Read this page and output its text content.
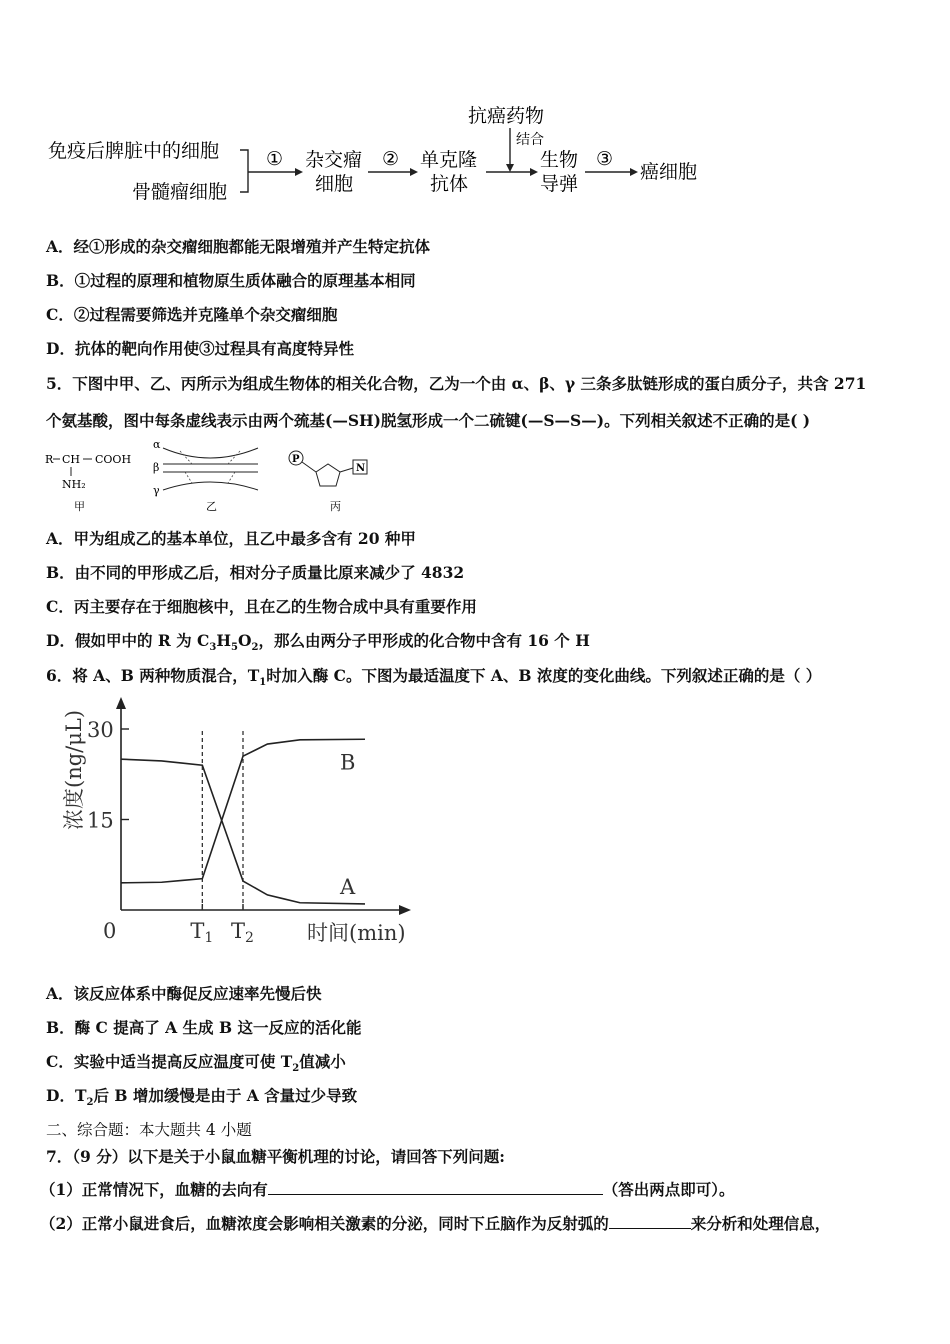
免疫后脾脏中的细胞
骨髓瘤细胞
① 杂交瘤
细胞
② 单克隆
抗体
抗癌药物
结合
生物
导弹
③
癌细胞
A．经①形成的杂交瘤细胞都能无限增殖并产生特定抗体
B．①过程的原理和植物原生质体融合的原理基本相同
C．②过程需要筛选并克隆单个杂交瘤细胞
D．抗体的靶向作用使③过程具有高度特异性
5．下图中甲、乙、丙所示为组成生物体的相关化合物，乙为一个由 α、β、γ 三条多肽链形成的蛋白质分子，共含 271
个氨基酸，图中每条虚线表示由两个巯基(—SH)脱氢形成一个二硫键(—S—S—)。下列相关叙述不正确的是( )
R CH COOH
NH₂
甲
α
β
γ
乙
P
N
丙
A．甲为组成乙的基本单位，且乙中最多含有 20 种甲
B．由不同的甲形成乙后，相对分子质量比原来减少了 4832
C．丙主要存在于细胞核中，且在乙的生物合成中具有重要作用
D．假如甲中的 R 为 $C_3H_5O_2$，那么由两分子甲形成的化合物中含有 16 个 H
6．将 A、B 两种物质混合，$T_1$时加入酶 C。下图为最适温度下 A、B 浓度的变化曲线。下列叙述正确的是（ ）
浓度(ng/μL)
时间(min)
15
30
0	T1 T2
B
A
A．该反应体系中酶促反应速率先慢后快
B．酶 C 提高了 A 生成 B 这一反应的活化能
C．实验中适当提高反应温度可使 $T_2$值减小
D．$T_2$后 B 增加缓慢是由于 A 含量过少导致
二、综合题：本大题共 4 小题
7．（9 分）以下是关于小鼠血糖平衡机理的讨论，请回答下列问题:
（1）正常情况下，血糖的去向有	（答出两点即可）。
（2）正常小鼠进食后，血糖浓度会影响相关激素的分泌，同时下丘脑作为反射弧的	来分析和处理信息，
